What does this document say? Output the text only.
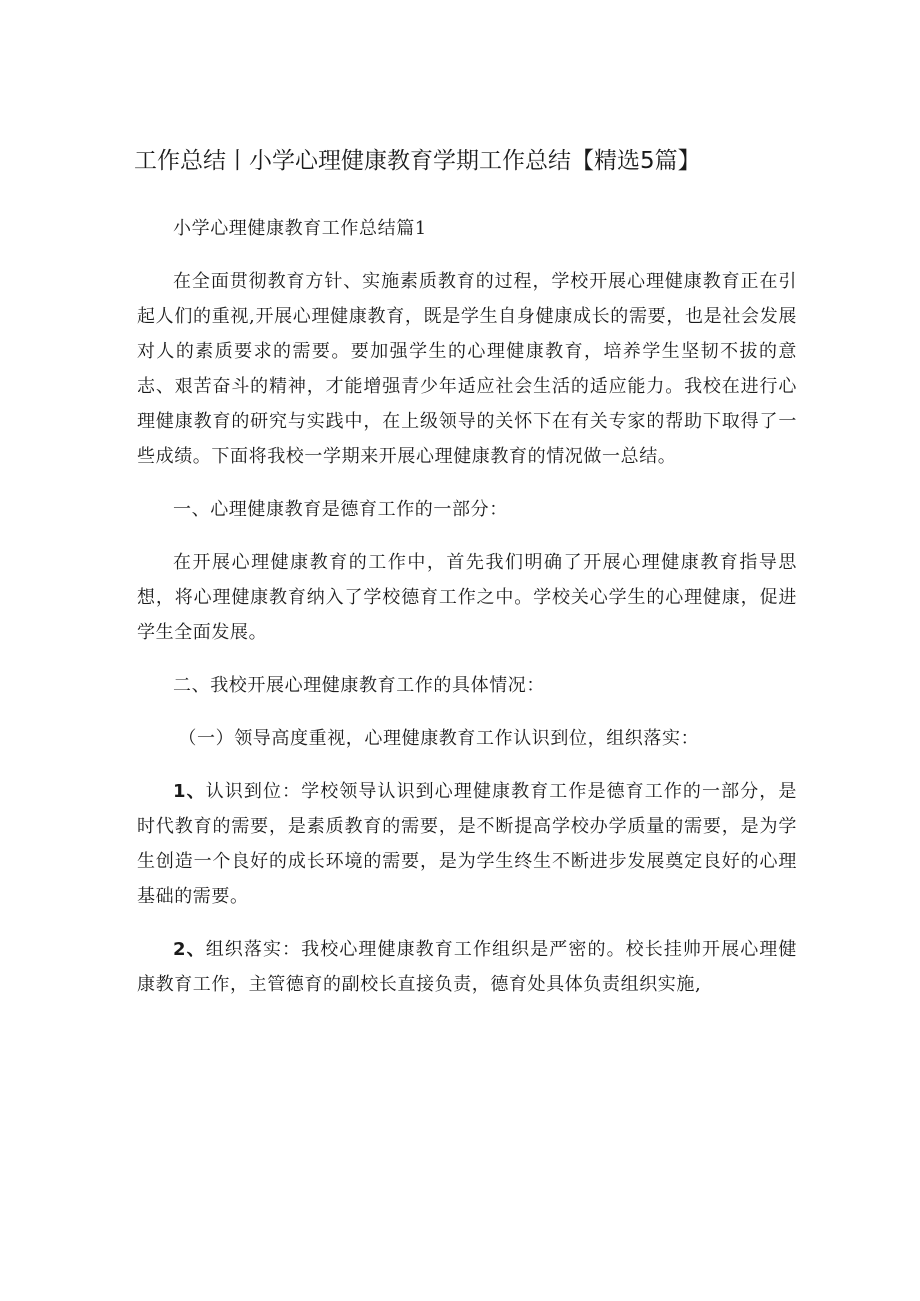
工作总结丨小学心理健康教育学期工作总结【精选5篇】

小学心理健康教育工作总结篇1

在全面贯彻教育方针、实施素质教育的过程，学校开展心理健康教育正在引起人们的重视,开展心理健康教育，既是学生自身健康成长的需要，也是社会发展对人的素质要求的需要。要加强学生的心理健康教育，培养学生坚韧不拔的意志、艰苦奋斗的精神，才能增强青少年适应社会生活的适应能力。我校在进行心理健康教育的研究与实践中，在上级领导的关怀下在有关专家的帮助下取得了一些成绩。下面将我校一学期来开展心理健康教育的情况做一总结。

一、心理健康教育是德育工作的一部分：

在开展心理健康教育的工作中，首先我们明确了开展心理健康教育指导思想，将心理健康教育纳入了学校德育工作之中。学校关心学生的心理健康，促进学生全面发展。

二、我校开展心理健康教育工作的具体情况：

（一）领导高度重视，心理健康教育工作认识到位，组织落实：

1、认识到位：学校领导认识到心理健康教育工作是德育工作的一部分，是时代教育的需要，是素质教育的需要，是不断提高学校办学质量的需要，是为学生创造一个良好的成长环境的需要，是为学生终生不断进步发展奠定良好的心理基础的需要。

2、组织落实：我校心理健康教育工作组织是严密的。校长挂帅开展心理健康教育工作，主管德育的副校长直接负责，德育处具体负责组织实施,
